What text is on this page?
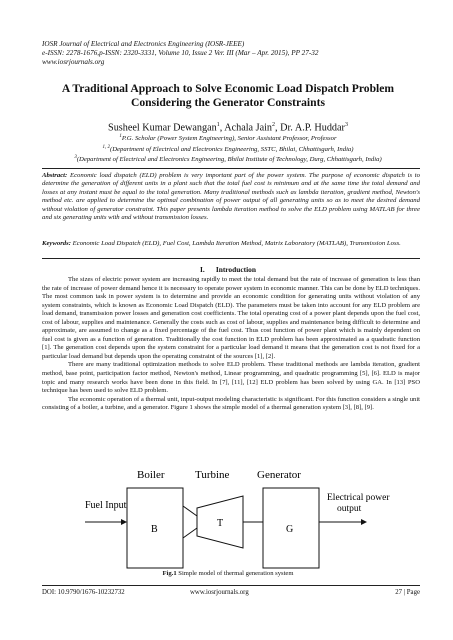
IOSR Journal of Electrical and Electronics Engineering (IOSR-JEEE)
e-ISSN: 2278-1676,p-ISSN: 2320-3331, Volume 10, Issue 2 Ver. III (Mar – Apr. 2015), PP 27-32
www.iosrjournals.org
A Traditional Approach to Solve Economic Load Dispatch Problem Considering the Generator Constraints
Susheel Kumar Dewangan$^1$, Achala Jain$^2$, Dr. A.P. Huddar$^3$
$^1$P.G. Scholar (Power System Engineering), Senior Assistant Professor, Professor
$^{1, 2}$(Department of Electrical and Electronics Engineering, SSTC, Bhilai, Chhattisgarh, India)
$^3$(Department of Electrical and Electronics Engineering, Bhilai Institute of Technology, Durg, Chhattisgarh, India)
Abstract: Economic load dispatch (ELD) problem is very important part of the power system. The purpose of economic dispatch is to determine the generation of different units in a plant such that the total fuel cost is minimum and at the same time the total demand and losses at any instant must be equal to the total generation. Many traditional methods such as lambda iteration, gradient method, Newton's method etc. are applied to determine the optimal combination of power output of all generating units so as to meet the desired demand without violation of generator constraint. This paper presents lambda iteration method to solve the ELD problem using MATLAB for three and six generating units with and without transmission losses.
Keywords: Economic Load Dispatch (ELD), Fuel Cost, Lambda Iteration Method, Matrix Laboratory (MATLAB), Transmission Loss.
I.      Introduction

The sizes of electric power system are increasing rapidly to meet the total demand but the rate of increase of generation is less than the rate of increase of power demand hence it is necessary to operate power system in economic manner. This can be done by ELD techniques. The most common task in power system is to determine and provide an economic condition for generating units without violation of any system constraints, which is known as Economic Load Dispatch (ELD). The parameters must be taken into account for any ELD problem are load demand, transmission power losses and generation cost coefficients. The total operating cost of a power plant depends upon the fuel cost, cost of labour, supplies and maintenance. Generally the costs such as cost of labour, supplies and maintenance being difficult to determine and approximate, are assumed to change as a fixed percentage of the fuel cost. Thus cost function of power plant which is mainly dependent on fuel cost is given as a function of generation. Traditionally the cost function in ELD problem has been approximated as a quadratic function [1]. The generation cost depends upon the system constraint for a particular load demand it means that the generation cost is not fixed for a particular load demand but depends upon the operating constraint of the sources [1], [2].

There are many traditional optimization methods to solve ELD problem. These traditional methods are lambda iteration, gradient method, base point, participation factor method, Newton's method, Linear programming, and quadratic programming [5], [6]. ELD is major topic and many research works have been done in this field. In [7], [11], [12] ELD problem has been solved by using GA. In [13] PSO technique has been used to solve ELD problem.

The economic operation of a thermal unit, input-output modeling characteristic is significant. For this function considers a single unit consisting of a boiler, a turbine, and a generator. Figure 1 shows the simple model of a thermal generation system [3], [8], [9].

Boiler	Turbine	Generator
Fuel Input
B
T
G
Electrical power
output
Fig.1 Simple model of thermal generation system
DOI: 10.9790/1676-10232732	www.iosrjournals.org	27 | Page
